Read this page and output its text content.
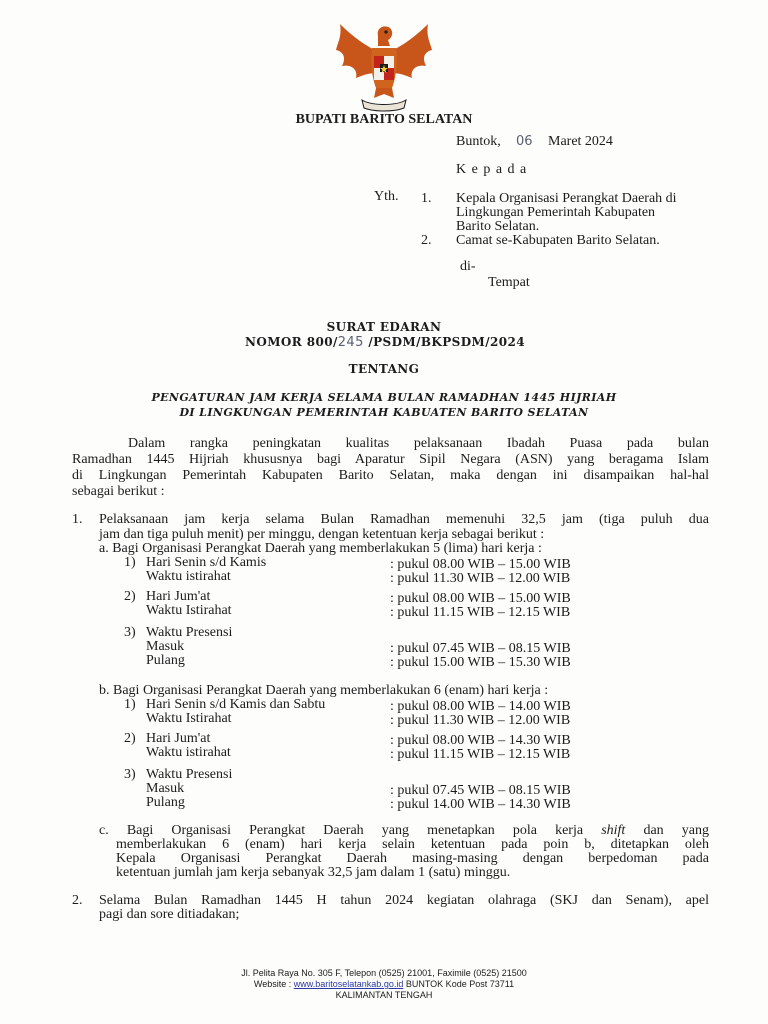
BUPATI BARITO SELATAN
Buntok, 06 Maret 2024
K e p a d a
Yth. 1. Kepala Organisasi Perangkat Daerah di
Lingkungan Pemerintah Kabupaten
Barito Selatan.
2. Camat se-Kabupaten Barito Selatan.
di-
Tempat
SURAT EDARAN
NOMOR 800/245 /PSDM/BKPSDM/2024
TENTANG
PENGATURAN JAM KERJA SELAMA BULAN RAMADHAN 1445 HIJRIAH
DI LINGKUNGAN PEMERINTAH KABUATEN BARITO SELATAN
Dalam rangka peningkatan kualitas pelaksanaan Ibadah Puasa pada bulan
Ramadhan 1445 Hijriah khususnya bagi Aparatur Sipil Negara (ASN) yang beragama Islam
di Lingkungan Pemerintah Kabupaten Barito Selatan, maka dengan ini disampaikan hal-hal
sebagai berikut :
1. Pelaksanaan jam kerja selama Bulan Ramadhan memenuhi 32,5 jam (tiga puluh dua
jam dan tiga puluh menit) per minggu, dengan ketentuan kerja sebagai berikut :
a. Bagi Organisasi Perangkat Daerah yang memberlakukan 5 (lima) hari kerja :
1) Hari Senin s/d Kamis	: pukul 08.00 WIB – 15.00 WIB
Waktu istirahat	: pukul 11.30 WIB – 12.00 WIB
2) Hari Jum'at	: pukul 08.00 WIB – 15.00 WIB
Waktu Istirahat	: pukul 11.15 WIB – 12.15 WIB
3) Waktu Presensi
Masuk	: pukul 07.45 WIB – 08.15 WIB
Pulang	: pukul 15.00 WIB – 15.30 WIB
b. Bagi Organisasi Perangkat Daerah yang memberlakukan 6 (enam) hari kerja :
1) Hari Senin s/d Kamis dan Sabtu	: pukul 08.00 WIB – 14.00 WIB
Waktu Istirahat	: pukul 11.30 WIB – 12.00 WIB
2) Hari Jum'at	: pukul 08.00 WIB – 14.30 WIB
Waktu istirahat	: pukul 11.15 WIB – 12.15 WIB
3) Waktu Presensi
Masuk	: pukul 07.45 WIB – 08.15 WIB
Pulang	: pukul 14.00 WIB – 14.30 WIB
c. Bagi Organisasi Perangkat Daerah yang menetapkan pola kerja shift dan yang
memberlakukan 6 (enam) hari kerja selain ketentuan pada poin b, ditetapkan oleh
Kepala Organisasi Perangkat Daerah masing-masing dengan berpedoman pada
ketentuan jumlah jam kerja sebanyak 32,5 jam dalam 1 (satu) minggu.
2. Selama Bulan Ramadhan 1445 H tahun 2024 kegiatan olahraga (SKJ dan Senam), apel
pagi dan sore ditiadakan;
Jl. Pelita Raya No. 305 F, Telepon (0525) 21001, Faximile (0525) 21500
Website : www.baritoselatankab.go.id BUNTOK Kode Post 73711
KALIMANTAN TENGAH
